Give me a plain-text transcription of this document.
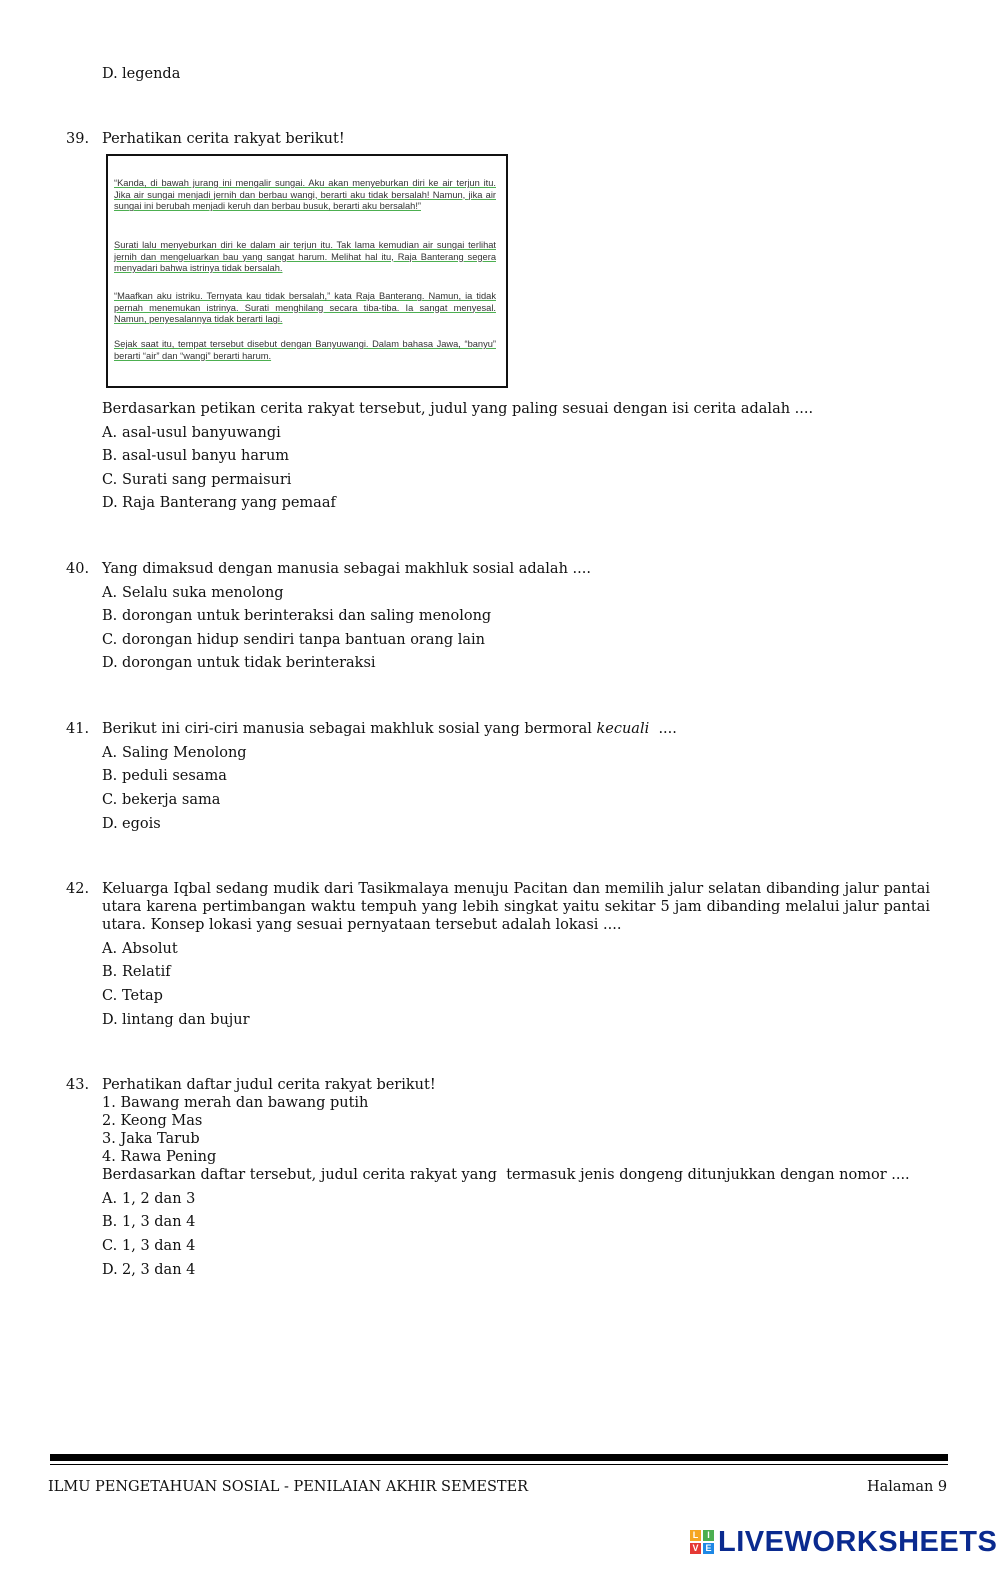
D. legenda
39. Perhatikan cerita rakyat berikut!
“Kanda, di bawah jurang ini mengalir sungai. Aku akan menyeburkan diri ke air terjun itu. Jika air sungai menjadi jernih dan berbau wangi, berarti aku tidak bersalah! Namun, jika air sungai ini berubah menjadi keruh dan berbau busuk, berarti aku bersalah!”
Surati lalu menyeburkan diri ke dalam air terjun itu. Tak lama kemudian air sungai terlihat jernih dan mengeluarkan bau yang sangat harum. Melihat hal itu, Raja Banterang segera menyadari bahwa istrinya tidak bersalah.
“Maafkan aku istriku. Ternyata kau tidak bersalah,” kata Raja Banterang. Namun, ia tidak pernah menemukan istrinya. Surati menghilang secara tiba-tiba. Ia sangat menyesal. Namun, penyesalannya tidak berarti lagi.
Sejak saat itu, tempat tersebut disebut dengan Banyuwangi. Dalam bahasa Jawa, “banyu” berarti “air” dan “wangi” berarti harum.
Berdasarkan petikan cerita rakyat tersebut, judul yang paling sesuai dengan isi cerita adalah ....
A. asal-usul banyuwangi
B. asal-usul banyu harum
C. Surati sang permaisuri
D. Raja Banterang yang pemaaf
40. Yang dimaksud dengan manusia sebagai makhluk sosial adalah ....
A. Selalu suka menolong
B. dorongan untuk berinteraksi dan saling menolong
C. dorongan hidup sendiri tanpa bantuan orang lain
D. dorongan untuk tidak berinteraksi
41. Berikut ini ciri-ciri manusia sebagai makhluk sosial yang bermoral kecuali  ....
A. Saling Menolong
B. peduli sesama
C. bekerja sama
D. egois
42. Keluarga Iqbal sedang mudik dari Tasikmalaya menuju Pacitan dan memilih jalur selatan dibanding jalur pantai utara karena pertimbangan waktu tempuh yang lebih singkat yaitu sekitar 5 jam dibanding melalui jalur pantai utara. Konsep lokasi yang sesuai pernyataan tersebut adalah lokasi ....
A. Absolut
B. Relatif
C. Tetap
D. lintang dan bujur
43. Perhatikan daftar judul cerita rakyat berikut!
1. Bawang merah dan bawang putih
2. Keong Mas
3. Jaka Tarub
4. Rawa Pening
Berdasarkan daftar tersebut, judul cerita rakyat yang  termasuk jenis dongeng ditunjukkan dengan nomor ....
A. 1, 2 dan 3
B. 1, 3 dan 4
C. 1, 3 dan 4
D. 2, 3 dan 4
ILMU PENGETAHUAN SOSIAL - PENILAIAN AKHIR SEMESTER	Halaman 9
L I
V E LIVEWORKSHEETS
